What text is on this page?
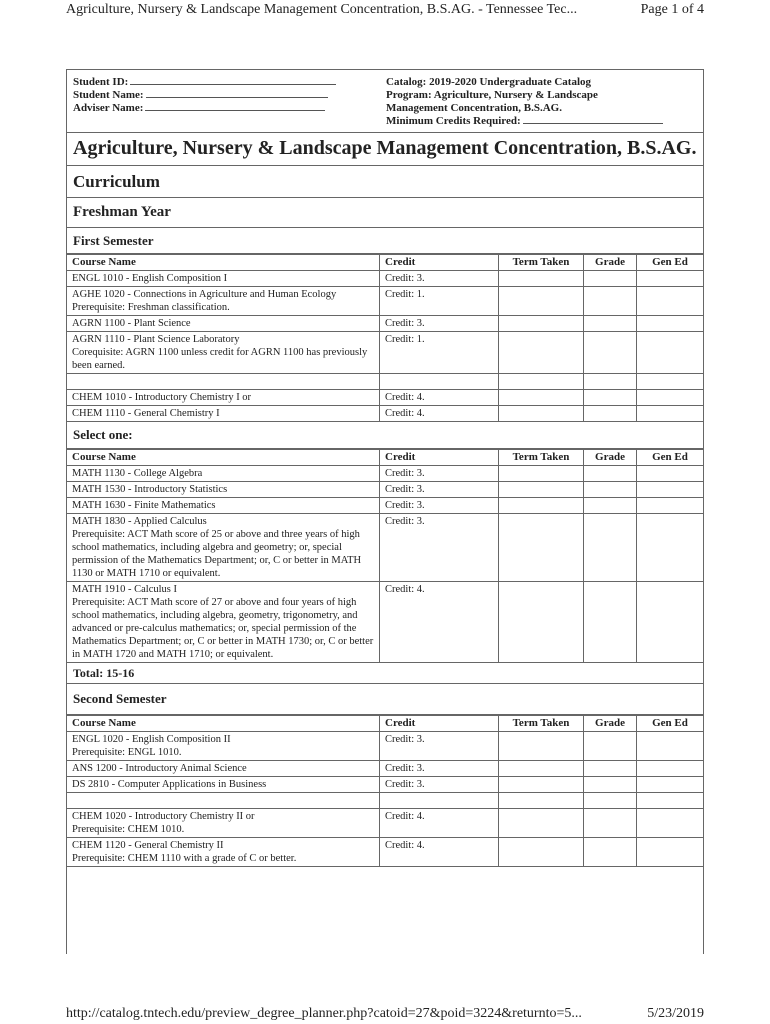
Agriculture, Nursery & Landscape Management Concentration, B.S.AG. - Tennessee Tec...	Page 1 of 4
Student ID:
Student Name:
Adviser Name:
Catalog: 2019-2020 Undergraduate Catalog
Program: Agriculture, Nursery & Landscape
Management Concentration, B.S.AG.
Minimum Credits Required:
Agriculture, Nursery & Landscape Management Concentration, B.S.AG.
Curriculum
Freshman Year
First Semester
Course Name	Credit	Term Taken	Grade	Gen Ed

ENGL 1010 - English Composition I	Credit: 3.			

AGHE 1020 - Connections in Agriculture and Human Ecology
Prerequisite: Freshman classification.	Credit: 1.			

AGRN 1100 - Plant Science	Credit: 3.			

AGRN 1110 - Plant Science Laboratory
Corequisite: AGRN 1100 unless credit for AGRN 1100 has previously been earned.	Credit: 1.			

CHEM 1010 - Introductory Chemistry I or	Credit: 4.			

CHEM 1110 - General Chemistry I	Credit: 4.			
Select one:
Course Name	Credit	Term Taken	Grade	Gen Ed

MATH 1130 - College Algebra	Credit: 3.			

MATH 1530 - Introductory Statistics	Credit: 3.			

MATH 1630 - Finite Mathematics	Credit: 3.			

MATH 1830 - Applied Calculus
Prerequisite: ACT Math score of 25 or above and three years of high school mathematics, including algebra and geometry; or, special permission of the Mathematics Department; or, C or better in MATH 1130 or MATH 1710 or equivalent.	Credit: 3.			

MATH 1910 - Calculus I
Prerequisite: ACT Math score of 27 or above and four years of high school mathematics, including algebra, geometry, trigonometry, and advanced or pre-calculus mathematics; or, special permission of the Mathematics Department; or, C or better in MATH 1730; or, C or better in MATH 1720 and MATH 1710; or equivalent.	Credit: 4.			
Total: 15-16
Second Semester
Course Name	Credit	Term Taken	Grade	Gen Ed

ENGL 1020 - English Composition II
Prerequisite: ENGL 1010.	Credit: 3.			

ANS 1200 - Introductory Animal Science	Credit: 3.			

DS 2810 - Computer Applications in Business	Credit: 3.			

CHEM 1020 - Introductory Chemistry II or
Prerequisite: CHEM 1010.	Credit: 4.			

CHEM 1120 - General Chemistry II
Prerequisite: CHEM 1110 with a grade of C or better.	Credit: 4.			
http://catalog.tntech.edu/preview_degree_planner.php?catoid=27&poid=3224&returnto=5...	5/23/2019
